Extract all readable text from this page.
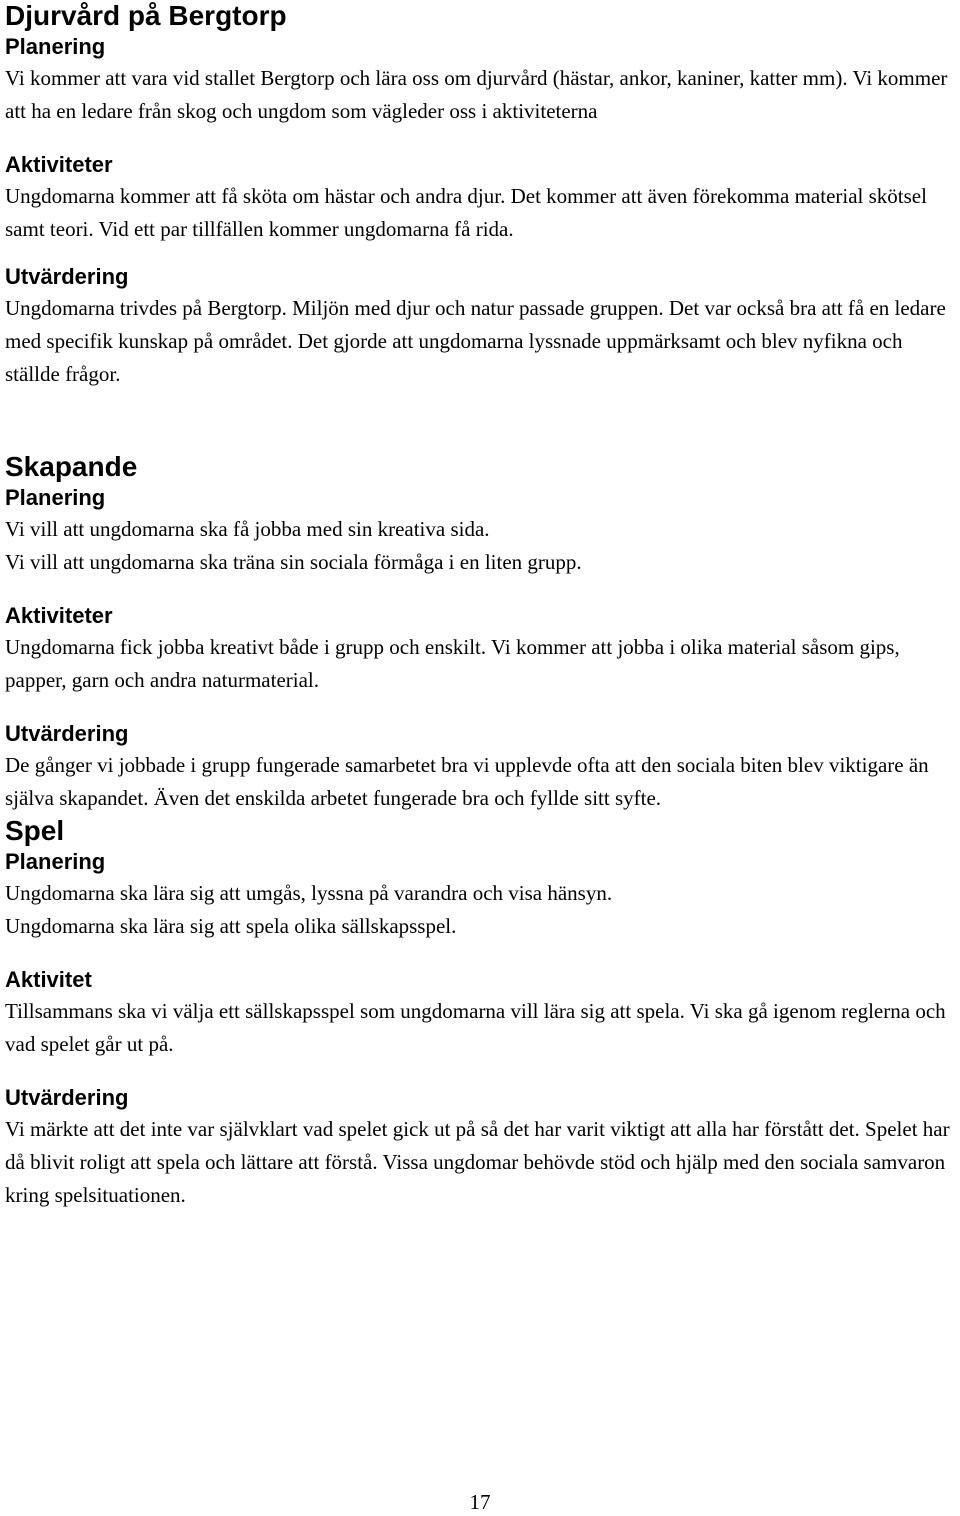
Djurvård på Bergtorp
Planering

Vi kommer att vara vid stallet Bergtorp och lära oss om djurvård (hästar, ankor, kaniner, katter mm). Vi kommer att ha en ledare från skog och ungdom som vägleder oss i aktiviteterna

Aktiviteter

Ungdomarna kommer att få sköta om hästar och andra djur. Det kommer att även förekomma material skötsel samt teori. Vid ett par tillfällen kommer ungdomarna få rida.

Utvärdering

Ungdomarna trivdes på Bergtorp. Miljön med djur och natur passade gruppen. Det var också bra att få en ledare med specifik kunskap på området. Det gjorde att ungdomarna lyssnade uppmärksamt och blev nyfikna och ställde frågor.

Skapande
Planering

Vi vill att ungdomarna ska få jobba med sin kreativa sida.

Vi vill att ungdomarna ska träna sin sociala förmåga i en liten grupp.

Aktiviteter

Ungdomarna fick jobba kreativt både i grupp och enskilt. Vi kommer att jobba i olika material såsom gips, papper, garn och andra naturmaterial.

Utvärdering

De gånger vi jobbade i grupp fungerade samarbetet bra vi upplevde ofta att den sociala biten blev viktigare än själva skapandet. Även det enskilda arbetet fungerade bra och fyllde sitt syfte.

Spel
Planering

Ungdomarna ska lära sig att umgås, lyssna på varandra och visa hänsyn.

Ungdomarna ska lära sig att spela olika sällskapsspel.

Aktivitet

Tillsammans ska vi välja ett sällskapsspel som ungdomarna vill lära sig att spela. Vi ska gå igenom reglerna och vad spelet går ut på.

Utvärdering

Vi märkte att det inte var självklart vad spelet gick ut på så det har varit viktigt att alla har förstått det. Spelet har då blivit roligt att spela och lättare att förstå. Vissa ungdomar behövde stöd och hjälp med den sociala samvaron kring spelsituationen.

17
